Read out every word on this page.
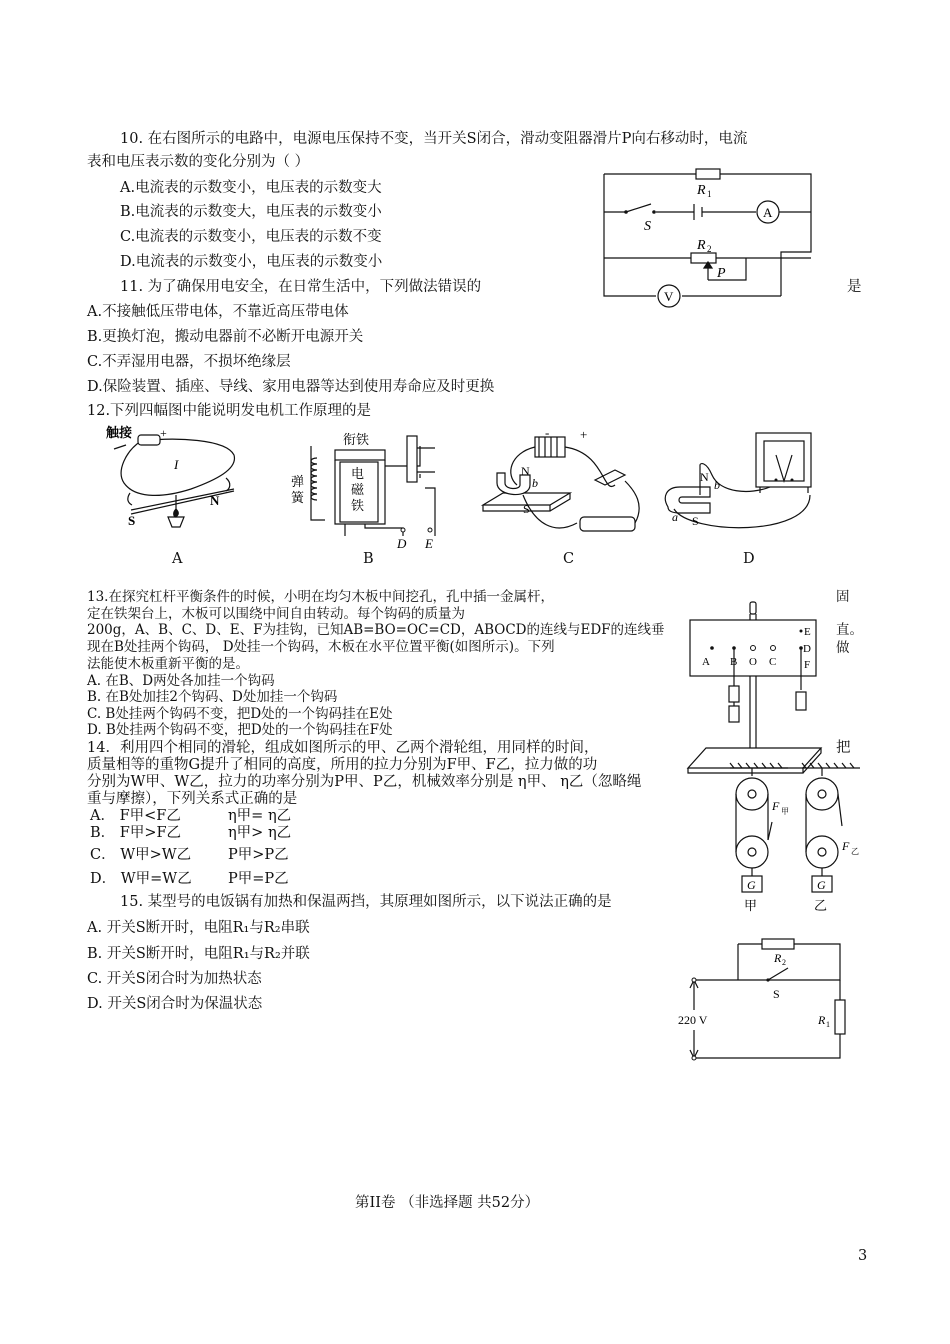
10. 在右图所示的电路中，电源电压保持不变，当开关S闭合，滑动变阻器滑片P向右移动时，电流
表和电压表示数的变化分别为（ ）
A.电流表的示数变小，电压表的示数变大
B.电流表的示数变大，电压表的示数变小
C.电流表的示数变小，电压表的示数不变
D.电流表的示数变小，电压表的示数变小
R 1
S
R 2
P
A
V
11. 为了确保用电安全，在日常生活中，下列做法错误的	是
A.不接触低压带电体，不靠近高压带电体
B.更换灯泡，搬动电器前不必断开电源开关
C.不弄湿用电器，不损坏绝缘层
D.保险装置、插座、导线、家用电器等达到使用寿命应及时更换
12.下列四幅图中能说明发电机工作原理的是
触接 +
I
S
N
A
衔铁
弹
簧
电
磁
铁
D E
B
- +
N
S
b
C
N
S
a
b
D
13.在探究杠杆平衡条件的时候，小明在均匀木板中间挖孔，孔中插一金属杆，	固
定在铁架台上，木板可以围绕中间自由转动。每个钩码的质量为
直。
200g，A、B、C、D、E、F为挂钩，已知AB=BO=OC=CD，ABOCD的连线与EDF的连线垂
做
现在B处挂两个钩码， D处挂一个钩码，木板在水平位置平衡(如图所示)。下列
法能使木板重新平衡的是。
A. 在B、D两处各加挂一个钩码
B. 在B处加挂2个钩码、D处加挂一个钩码
C. B处挂两个钩码不变，把D处的一个钩码挂在E处
D. B处挂两个钩码不变，把D处的一个钩码挂在F处
A B O C
D
E
F
14．利用四个相同的滑轮，组成如图所示的甲、乙两个滑轮组，用同样的时间，	把
质量相等的重物G提升了相同的高度，所用的拉力分别为F甲、F乙，拉力做的功
分别为W甲、W乙，拉力的功率分别为P甲、P乙，机械效率分别是 η甲、 η乙（忽略绳
重与摩擦），下列关系式正确的是
A． F甲<F乙	η甲= η乙
B． F甲>F乙	η甲> η乙
C． W甲>W乙	P甲>P乙
D． W甲=W乙	P甲=P乙
F 甲
F 乙
G	G
甲	乙
15. 某型号的电饭锅有加热和保温两挡，其原理如图所示，以下说法正确的是
A. 开关S断开时，电阻R₁与R₂串联
B. 开关S断开时，电阻R₁与R₂并联
C. 开关S闭合时为加热状态
D. 开关S闭合时为保温状态
220 V
R 2
S
R 1
第II卷 （非选择题 共52分）
3
